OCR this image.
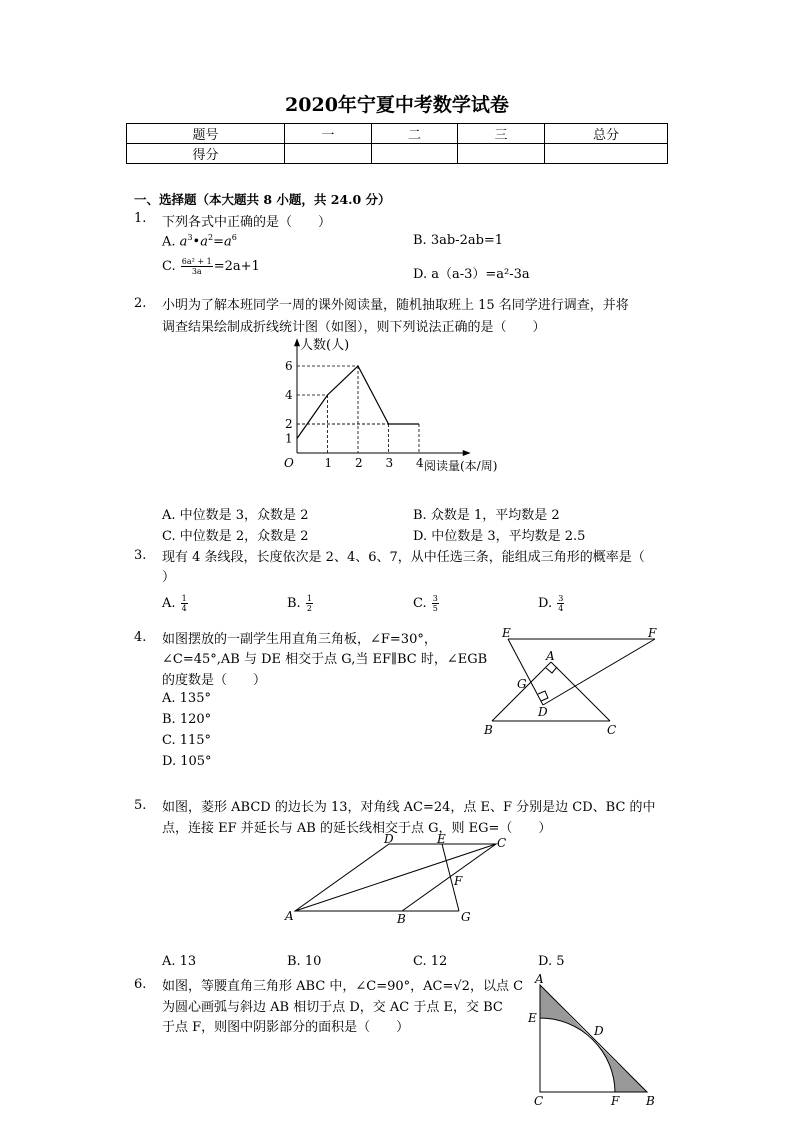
2020年宁夏中考数学试卷
题号	一	二	三	总分
得分				
一、选择题（本大题共 8 小题，共 24.0 分）
1. 下列各式中正确的是（　　）
A. $a^3•a^2=a^6$	B. 3ab-2ab=1
C. $\frac{\text{6a² + 1}}{3a} =2a+1$
D. a（a-3）=a²-3a
2. 小明为了解本班同学一周的课外阅读量，随机抽取班上 15 名同学进行调查，并将
调查结果绘制成折线统计图（如图），则下列说法正确的是（　　）
1
2
4
6
1 2 3 4
O
人数(人)
阅读量(本/周)
A. 中位数是 3，众数是 2	B. 众数是 1，平均数是 2
C. 中位数是 2，众数是 2	D. 中位数是 3，平均数是 2.5
3. 现有 4 条线段，长度依次是 2、4、6、7，从中任选三条，能组成三角形的概率是（
）
A. $\frac{1}{4}$	B. $\frac{1}{2}$	C. $\frac{3}{5}$	D. $\frac{3}{4}$
4. 如图摆放的一副学生用直角三角板，∠F=30°，
∠C=45°,AB 与 DE 相交于点 G,当 EF∥BC 时，∠EGB
的度数是（　　）
A. 135°
B. 120°
C. 115°
D. 105°
E	F
A
G
D
B	C
5. 如图，菱形 ABCD 的边长为 13，对角线 AC=24，点 E、F 分别是边 CD、BC 的中
点，连接 EF 并延长与 AB 的延长线相交于点 G，则 EG=（　　）
D	E	C
F
A	B	G
A. 13	B. 10	C. 12	D. 5
6. 如图，等腰直角三角形 ABC 中，∠C=90°，AC=√2，以点 C
为圆心画弧与斜边 AB 相切于点 D，交 AC 于点 E，交 BC
于点 F，则图中阴影部分的面积是（　　）
A
E
D
C	F B
